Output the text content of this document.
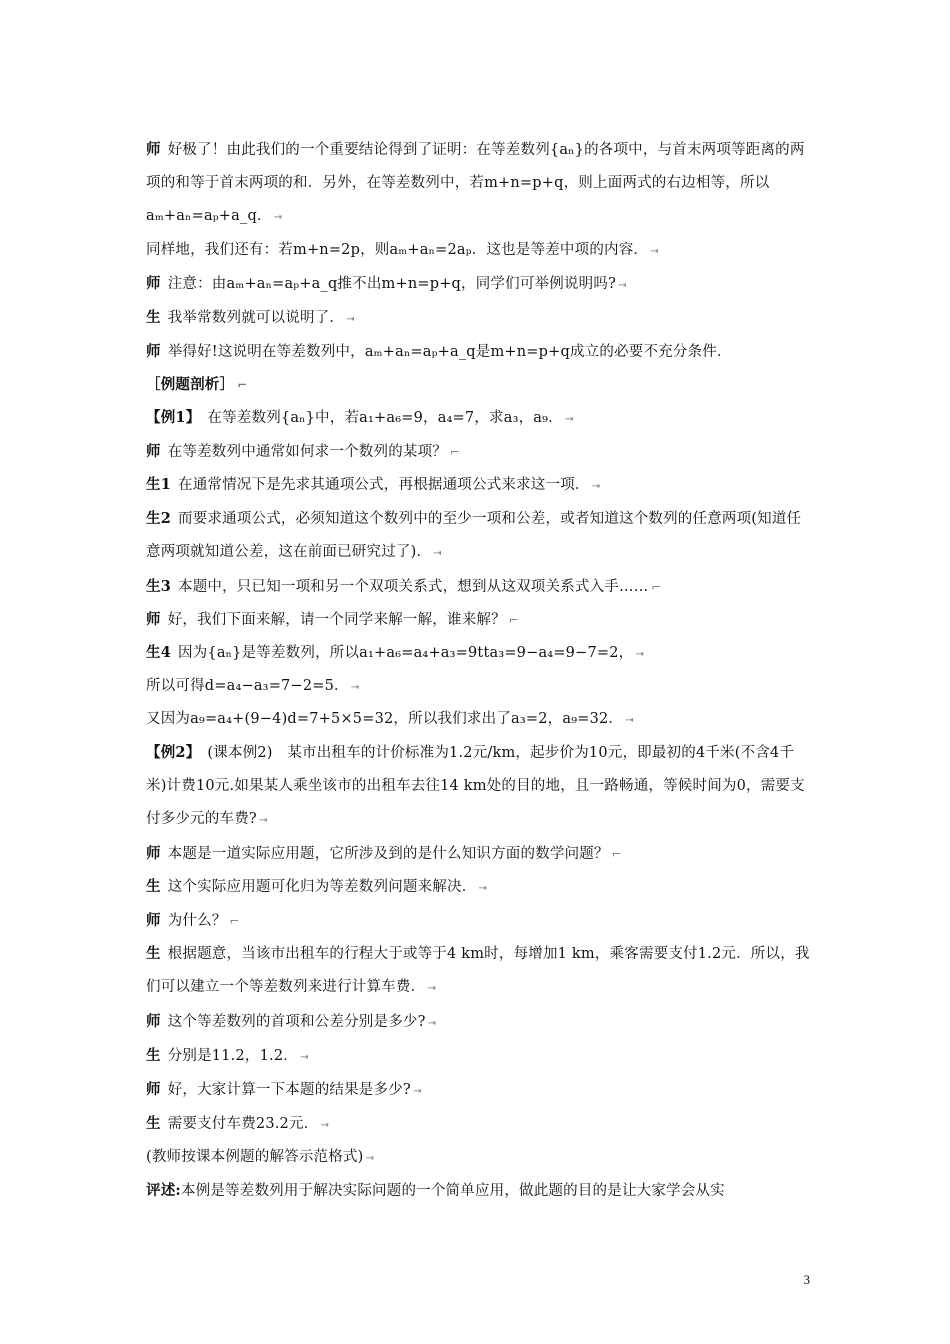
师 好极了！由此我们的一个重要结论得到了证明：在等差数列{aₙ}的各项中，与首末两项等距离的两项的和等于首末两项的和．另外，在等差数列中，若m+n=p+q，则上面两式的右边相等，所以aₘ+aₙ=aₚ+a_q． ⇥
同样地，我们还有：若m+n=2p，则aₘ+aₙ=2aₚ．这也是等差中项的内容． ⇥
师 注意：由aₘ+aₙ=aₚ+a_q推不出m+n=p+q，同学们可举例说明吗? ⇥
生 我举常数列就可以说明了． ⇥
师 举得好!这说明在等差数列中，aₘ+aₙ=aₚ+a_q是m+n=p+q成立的必要不充分条件．
［例题剖析］ ⌐
【例1】 在等差数列{aₙ}中，若a₁+a₆=9，a₄=7，求a₃，a₉． ⇥
师 在等差数列中通常如何求一个数列的某项？ ⌐
生1 在通常情况下是先求其通项公式，再根据通项公式来求这一项． ⇥
生2 而要求通项公式，必须知道这个数列中的至少一项和公差，或者知道这个数列的任意两项(知道任意两项就知道公差，这在前面已研究过了)． ⇥
生3 本题中，只已知一项和另一个双项关系式，想到从这双项关系式入手…… ⌐
师 好，我们下面来解，请一个同学来解一解，谁来解？ ⌐
生4 因为{aₙ}是等差数列，所以a₁+a₆=a₄+a₃=9tta₃=9−a₄=9−7=2， ⇥
所以可得d=a₄−a₃=7−2=5． ⇥
又因为a₉=a₄+(9−4)d=7+5×5=32，所以我们求出了a₃=2，a₉=32． ⇥
【例2】 (课本例2)　某市出租车的计价标准为1.2元/km，起步价为10元，即最初的4千米(不含4千米)计费10元.如果某人乘坐该市的出租车去往14 km处的目的地，且一路畅通，等候时间为0，需要支付多少元的车费? ⇥
师 本题是一道实际应用题，它所涉及到的是什么知识方面的数学问题？ ⌐
生 这个实际应用题可化归为等差数列问题来解决． ⇥
师 为什么？ ⌐
生 根据题意，当该市出租车的行程大于或等于4 km时，每增加1 km，乘客需要支付1.2元．所以，我们可以建立一个等差数列来进行计算车费． ⇥
师 这个等差数列的首项和公差分别是多少? ⇥
生 分别是11.2，1.2． ⇥
师 好，大家计算一下本题的结果是多少? ⇥
生 需要支付车费23.2元． ⇥
(教师按课本例题的解答示范格式) ⇥
评述:本例是等差数列用于解决实际问题的一个简单应用，做此题的目的是让大家学会从实
3
